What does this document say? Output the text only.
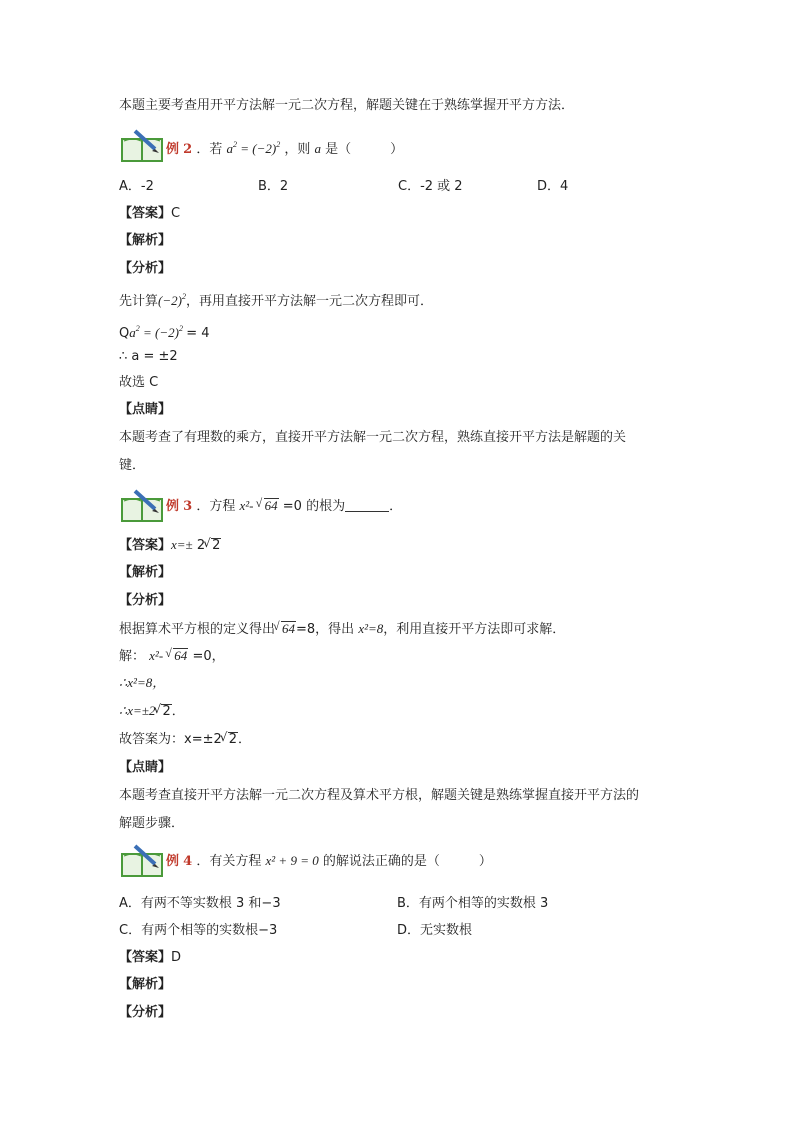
本题主要考查用开平方法解一元二次方程，解题关键在于熟练掌握开平方方法．
例 2 ．若 $a^2 = (-2)^2$ ，则 a 是（　　　）
A．-2	B．2	C．-2 或 2	D．4
【答案】C
【解析】
【分析】
先计算$(-2)^2$，再用直接开平方法解一元二次方程即可．
$Qa^2 = (-2)^2 = 4$
∴ a = ±2
故选 C
【点睛】
本题考查了有理数的乘方，直接开平方法解一元二次方程，熟练直接开平方法是解题的关
键．
例 3 ．方程 x²- √ 64 =0 的根为	．
【答案】x=± 2 √ 2
【解析】
【分析】
根据算术平方根的定义得出 √ 64=8，得出 x²=8，利用直接开平方法即可求解．
解： x²- √ 64 =0，
∴x²=8，
∴x=±2 √ 2．
故答案为：x=±2 √ 2．
【点睛】
本题考查直接开平方法解一元二次方程及算术平方根，解题关键是熟练掌握直接开平方法的
解题步骤．
例 4 ．有关方程 x² + 9 = 0 的解说法正确的是（　　　）
A．有两不等实数根 3 和−3	B．有两个相等的实数根 3
C．有两个相等的实数根−3	D．无实数根
【答案】D
【解析】
【分析】
